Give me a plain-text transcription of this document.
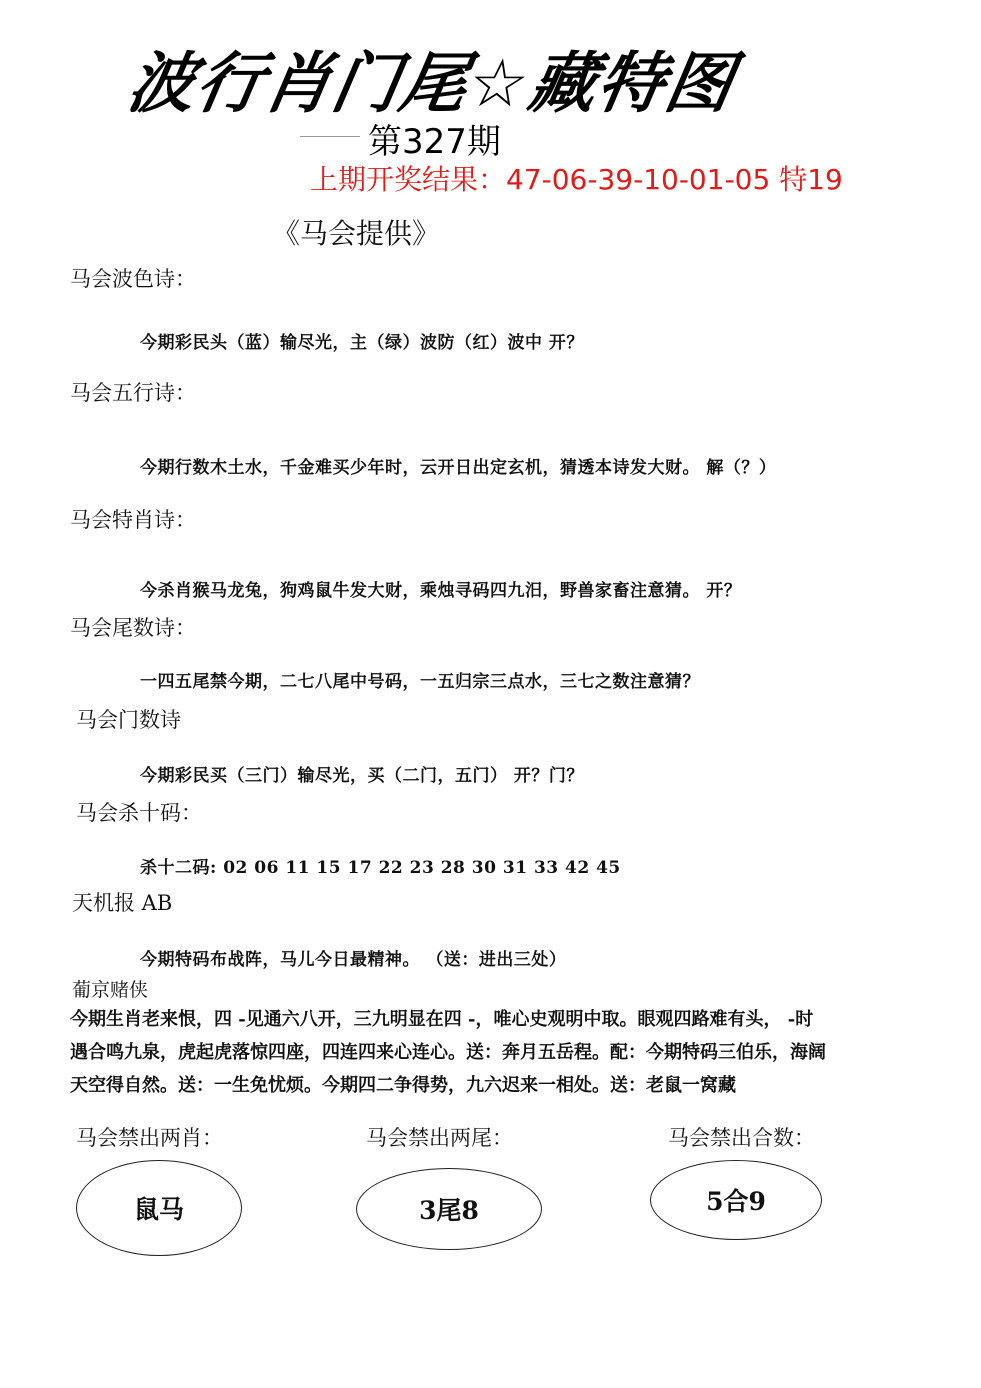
波行肖门尾☆藏特图
第327期
上期开奖结果：47-06-39-10-01-05 特19
《马会提供》
马会波色诗：
今期彩民头（蓝）输尽光，主（绿）波防（红）波中 开？
马会五行诗：
今期行数木土水，千金难买少年时，云开日出定玄机，猜透本诗发大财。 解（？）
马会特肖诗：
今杀肖猴马龙兔，狗鸡鼠牛发大财，乘烛寻码四九汨，野兽家畜注意猜。 开？
马会尾数诗：
一四五尾禁今期，二七八尾中号码，一五归宗三点水，三七之数注意猜？
马会门数诗
今期彩民买（三门）输尽光，买（二门，五门） 开？门？
马会杀十码：
杀十二码: 02 06 11 15 17 22 23 28 30 31 33 42 45
天机报 AB
今期特码布战阵，马儿今日最精神。 （送：进出三处）
葡京赌侠
今期生肖老来恨，四 -见通六八开，三九明显在四 -，唯心史观明中取。眼观四路难有头， -时
遇合鸣九泉，虎起虎落惊四座，四连四来心连心。送：奔月五岳程。配：今期特码三伯乐，海阔
天空得自然。送：一生免忧烦。今期四二争得势，九六迟来一相处。送：老鼠一窝藏
马会禁出两肖：	马会禁出两尾：	马会禁出合数：
鼠马	3尾8	5合9
